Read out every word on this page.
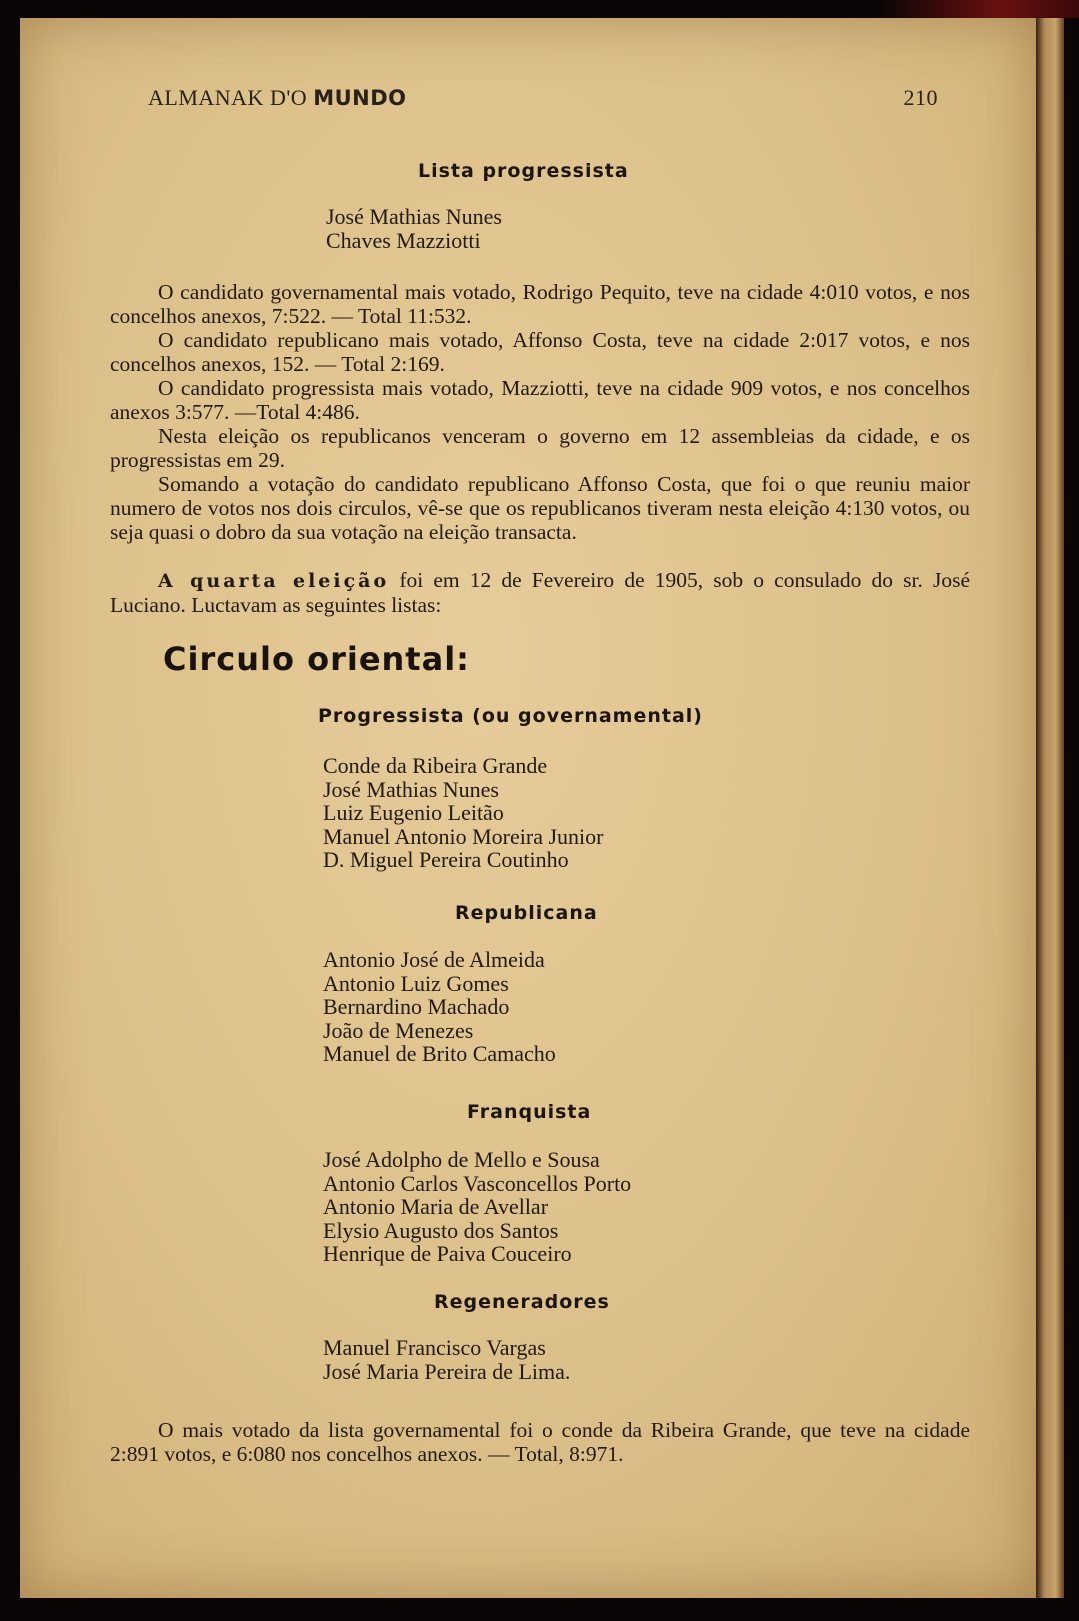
ALMANAK D'O MUNDO	210
Lista progressista
José Mathias Nunes
Chaves Mazziotti
O candidato governamental mais votado, Rodrigo Pequito, teve na cidade 4:010 votos, e nos concelhos anexos, 7:522. — Total 11:532.
O candidato republicano mais votado, Affonso Costa, teve na cidade 2:017 votos, e nos concelhos anexos, 152. — Total 2:169.
O candidato progressista mais votado, Mazziotti, teve na cidade 909 votos, e nos concelhos anexos 3:577. —Total 4:486.
Nesta eleição os republicanos venceram o governo em 12 assembleias da cidade, e os progressistas em 29.
Somando a votação do candidato republicano Affonso Costa, que foi o que reuniu maior numero de votos nos dois circulos, vê-se que os republicanos tiveram nesta eleição 4:130 votos, ou seja quasi o dobro da sua votação na eleição transacta.
A quarta eleição foi em 12 de Fevereiro de 1905, sob o consulado do sr. José Luciano. Luctavam as seguintes listas:
Circulo oriental:
Progressista (ou governamental)
Conde da Ribeira Grande
José Mathias Nunes
Luiz Eugenio Leitão
Manuel Antonio Moreira Junior
D. Miguel Pereira Coutinho
Republicana
Antonio José de Almeida
Antonio Luiz Gomes
Bernardino Machado
João de Menezes
Manuel de Brito Camacho
Franquista
José Adolpho de Mello e Sousa
Antonio Carlos Vasconcellos Porto
Antonio Maria de Avellar
Elysio Augusto dos Santos
Henrique de Paiva Couceiro
Regeneradores
Manuel Francisco Vargas
José Maria Pereira de Lima.
O mais votado da lista governamental foi o conde da Ribeira Grande, que teve na cidade 2:891 votos, e 6:080 nos concelhos anexos. — Total, 8:971.
